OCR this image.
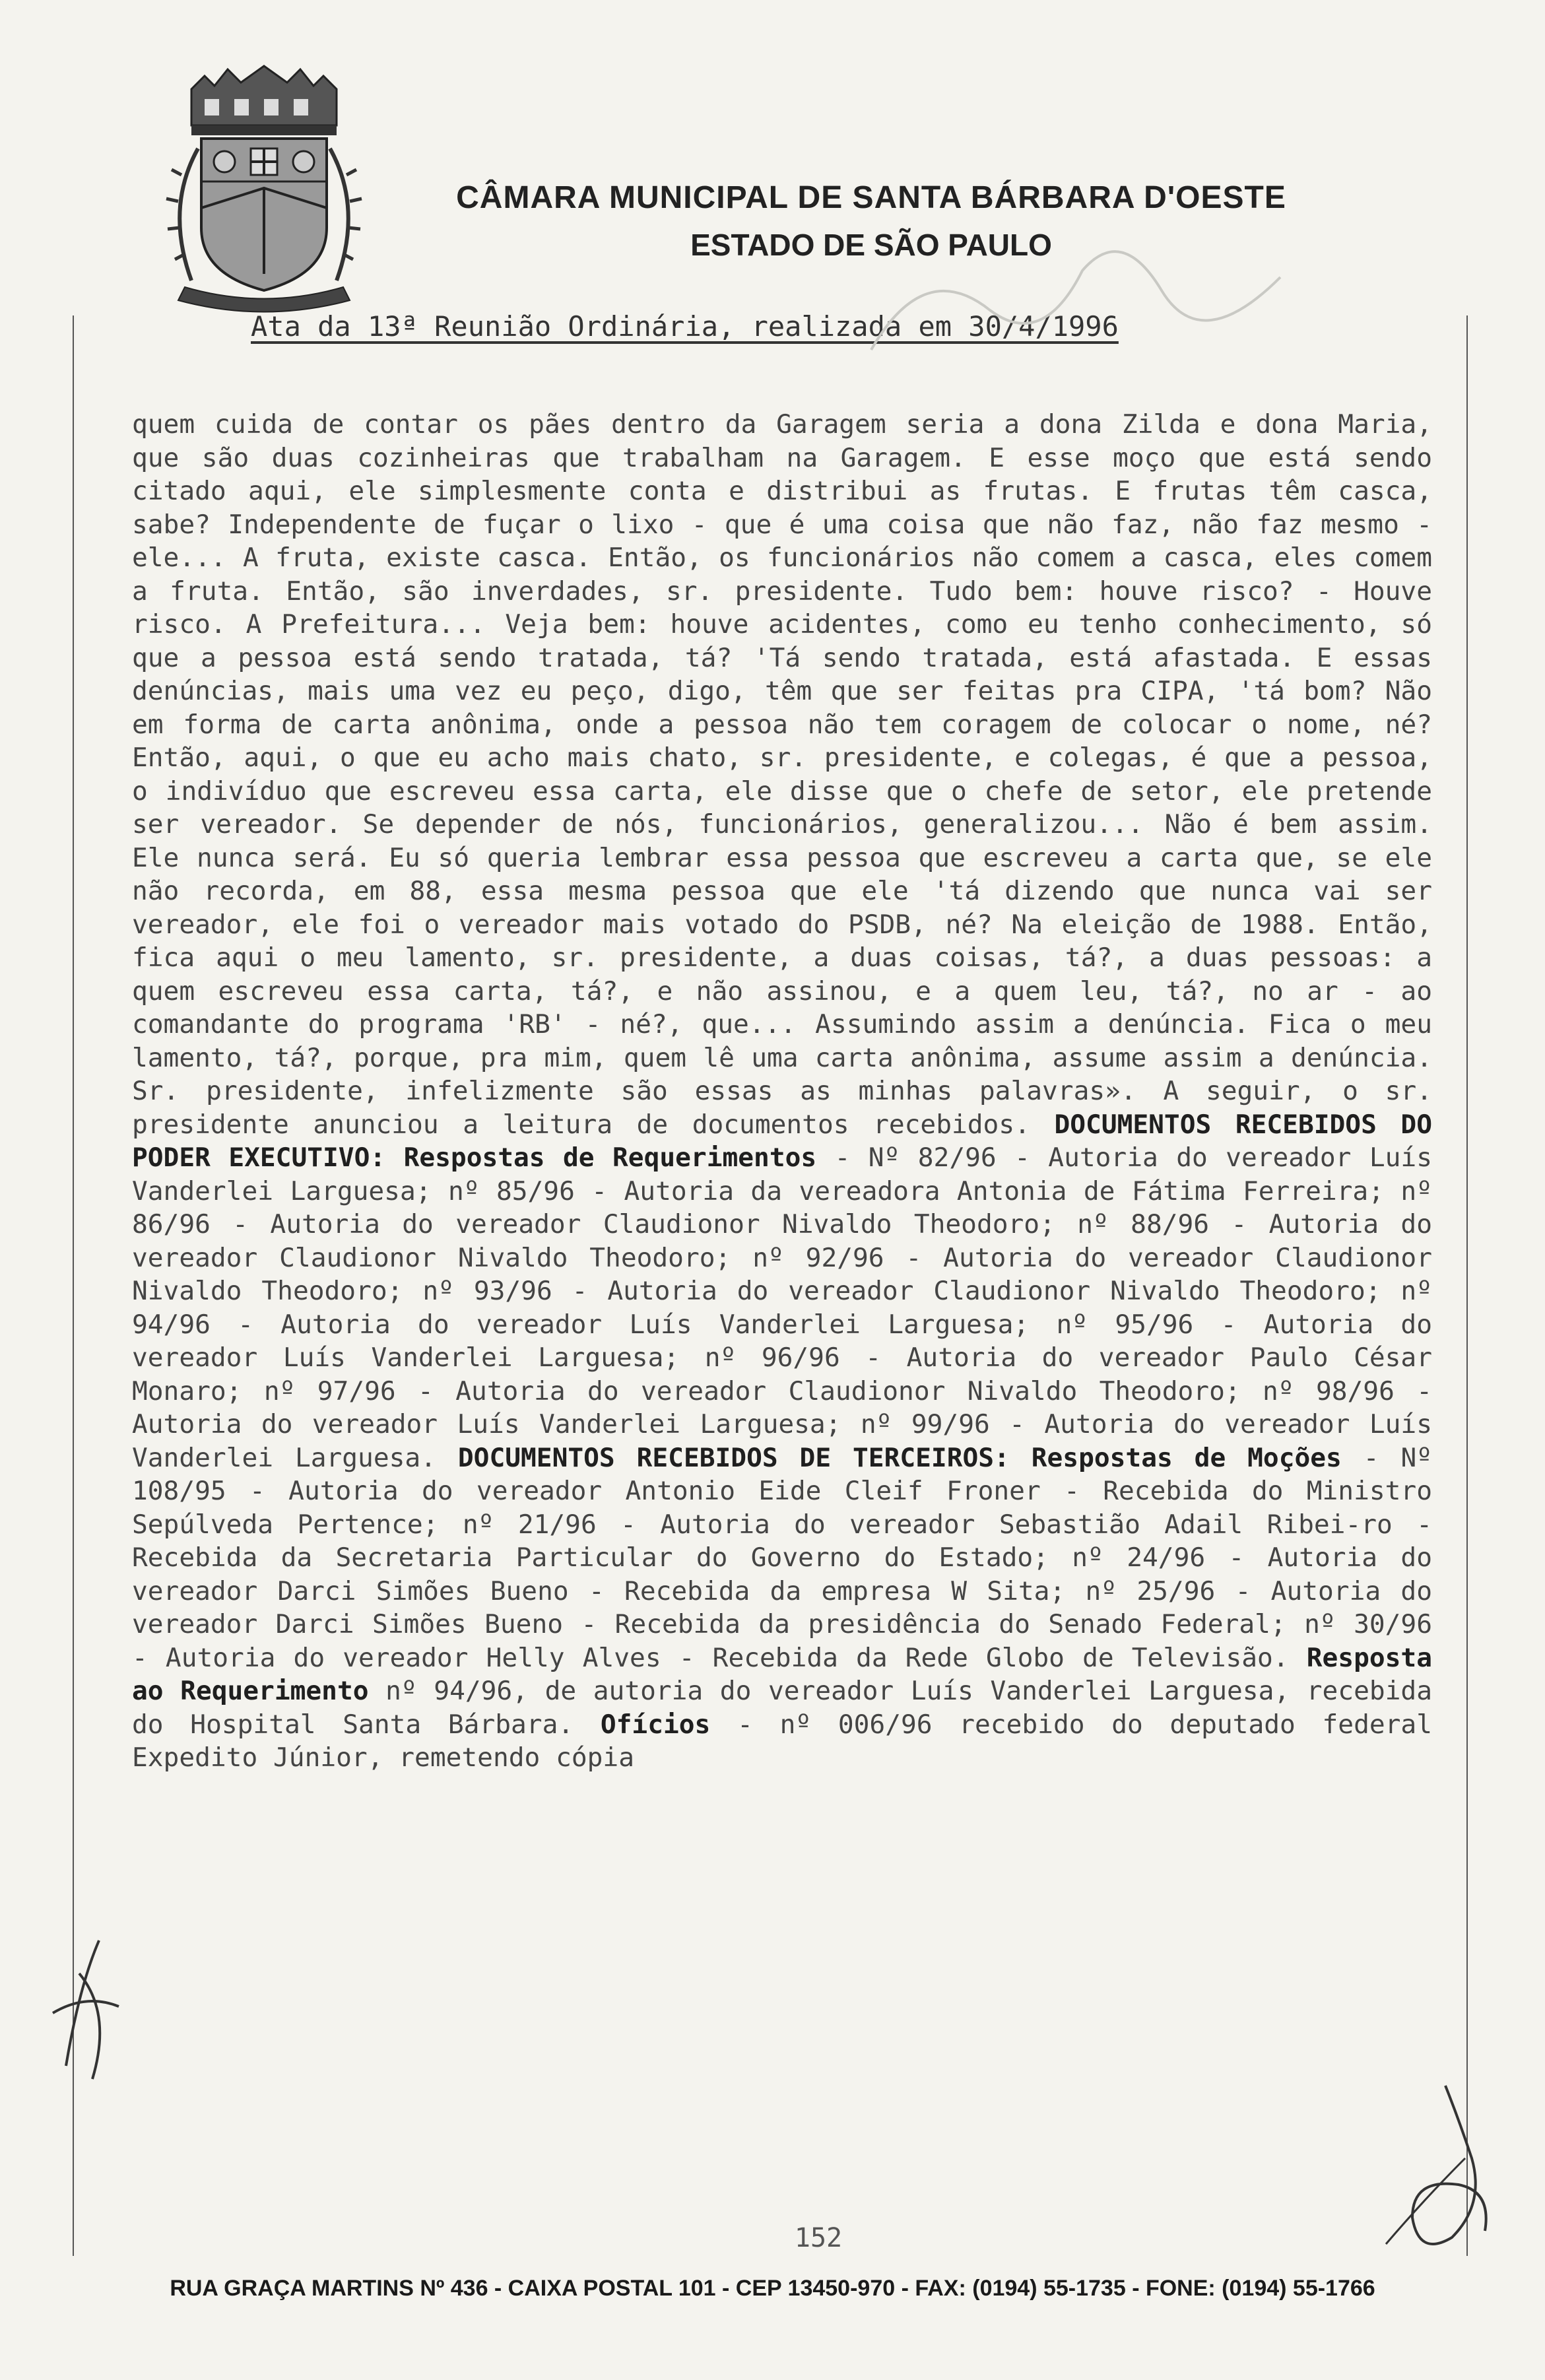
CÂMARA MUNICIPAL DE SANTA BÁRBARA D'OESTE
ESTADO DE SÃO PAULO
Ata da 13ª Reunião Ordinária, realizada em 30/4/1996
quem cuida de contar os pães dentro da Garagem seria a dona Zilda e dona Maria, que são duas cozinheiras que trabalham na Garagem. E esse moço que está sendo citado aqui, ele simplesmente conta e distribui as frutas. E frutas têm casca, sabe? Independente de fuçar o lixo - que é uma coisa que não faz, não faz mesmo - ele... A fruta, existe casca. Então, os funcionários não comem a casca, eles comem a fruta. Então, são inverdades, sr. presidente. Tudo bem: houve risco? - Houve risco. A Prefeitura... Veja bem: houve acidentes, como eu tenho conhecimento, só que a pessoa está sendo tratada, tá? 'Tá sendo tratada, está afastada. E essas denúncias, mais uma vez eu peço, digo, têm que ser feitas pra CIPA, 'tá bom? Não em forma de carta anônima, onde a pessoa não tem coragem de colocar o nome, né? Então, aqui, o que eu acho mais chato, sr. presidente, e colegas, é que a pessoa, o indivíduo que escreveu essa carta, ele disse que o chefe de setor, ele pretende ser vereador. Se depender de nós, funcionários, generalizou... Não é bem assim. Ele nunca será. Eu só queria lembrar essa pessoa que escreveu a carta que, se ele não recorda, em 88, essa mesma pessoa que ele 'tá dizendo que nunca vai ser vereador, ele foi o vereador mais votado do PSDB, né? Na eleição de 1988. Então, fica aqui o meu lamento, sr. presidente, a duas coisas, tá?, a duas pessoas: a quem escreveu essa carta, tá?, e não assinou, e a quem leu, tá?, no ar - ao comandante do programa 'RB' - né?, que... Assumindo assim a denúncia. Fica o meu lamento, tá?, porque, pra mim, quem lê uma carta anônima, assume assim a denúncia. Sr. presidente, infelizmente são essas as minhas palavras». A seguir, o sr. presidente anunciou a leitura de documentos recebidos. DOCUMENTOS RECEBIDOS DO PODER EXECUTIVO: Respostas de Requerimentos - Nº 82/96 - Autoria do vereador Luís Vanderlei Larguesa; nº 85/96 - Autoria da vereadora Antonia de Fátima Ferreira; nº 86/96 - Autoria do vereador Claudionor Nivaldo Theodoro; nº 88/96 - Autoria do vereador Claudionor Nivaldo Theodoro; nº 92/96 - Autoria do vereador Claudionor Nivaldo Theodoro; nº 93/96 - Autoria do vereador Claudionor Nivaldo Theodoro; nº 94/96 - Autoria do vereador Luís Vanderlei Larguesa; nº 95/96 - Autoria do vereador Luís Vanderlei Larguesa; nº 96/96 - Autoria do vereador Paulo César Monaro; nº 97/96 - Autoria do vereador Claudionor Nivaldo Theodoro; nº 98/96 - Autoria do vereador Luís Vanderlei Larguesa; nº 99/96 - Autoria do vereador Luís Vanderlei Larguesa. DOCUMENTOS RECEBIDOS DE TERCEIROS: Respostas de Moções - Nº 108/95 - Autoria do vereador Antonio Eide Cleif Froner - Recebida do Ministro Sepúlveda Pertence; nº 21/96 - Autoria do vereador Sebastião Adail Ribei-ro - Recebida da Secretaria Particular do Governo do Estado; nº 24/96 - Autoria do vereador Darci Simões Bueno - Recebida da empresa W Sita; nº 25/96 - Autoria do vereador Darci Simões Bueno - Recebida da presidência do Senado Federal; nº 30/96 - Autoria do vereador Helly Alves - Recebida da Rede Globo de Televisão. Resposta ao Requerimento nº 94/96, de autoria do vereador Luís Vanderlei Larguesa, recebida do Hospital Santa Bárbara. Ofícios - nº 006/96 recebido do deputado federal Expedito Júnior, remetendo cópia
152
RUA GRAÇA MARTINS Nº 436 - CAIXA POSTAL 101 - CEP 13450-970 - FAX: (0194) 55-1735 - FONE: (0194) 55-1766
